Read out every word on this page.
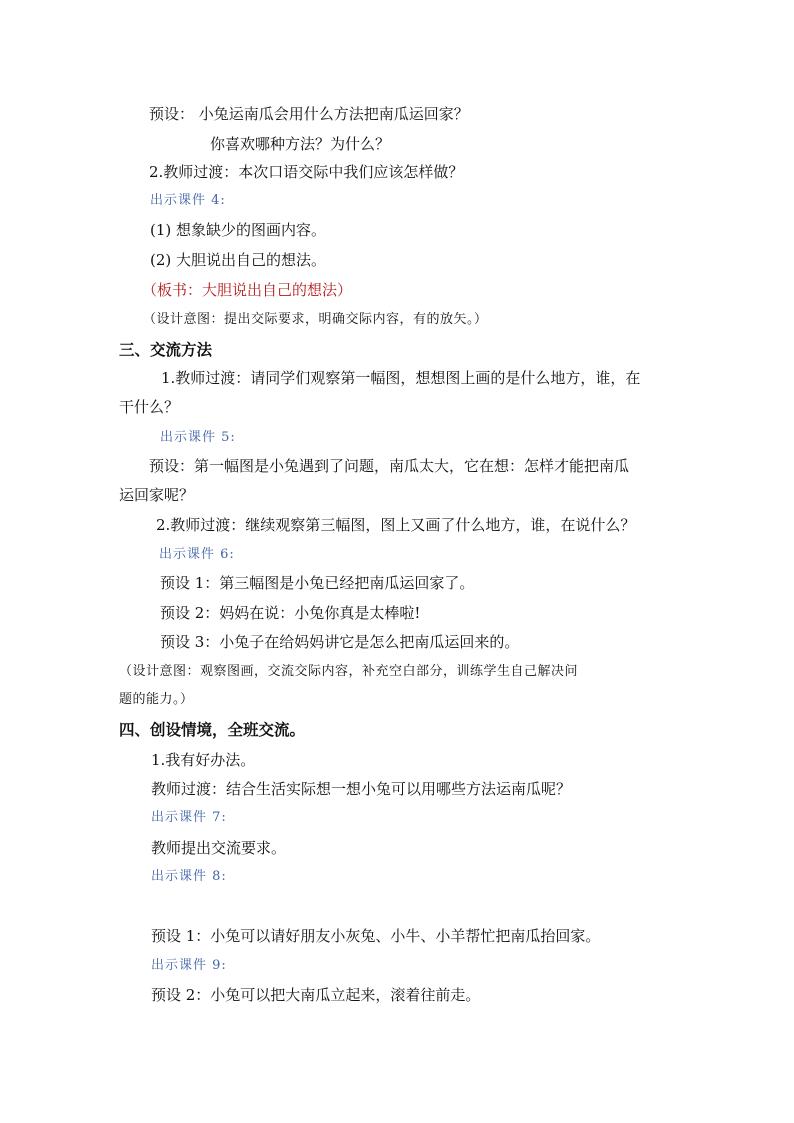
预设： 小兔运南瓜会用什么方法把南瓜运回家？
你喜欢哪种方法？为什么？
2.教师过渡：本次口语交际中我们应该怎样做？
出示课件 4:
(1) 想象缺少的图画内容。
(2) 大胆说出自己的想法。
（板书：大胆说出自己的想法）
（设计意图：提出交际要求，明确交际内容，有的放矢。）
三、交流方法
1.教师过渡：请同学们观察第一幅图，想想图上画的是什么地方，谁，在
干什么？
出示课件 5:
预设：第一幅图是小兔遇到了问题，南瓜太大，它在想：怎样才能把南瓜
运回家呢？
2.教师过渡：继续观察第三幅图，图上又画了什么地方，谁，在说什么？
出示课件 6:
预设 1：第三幅图是小兔已经把南瓜运回家了。
预设 2：妈妈在说：小兔你真是太棒啦!
预设 3：小兔子在给妈妈讲它是怎么把南瓜运回来的。
（设计意图：观察图画，交流交际内容，补充空白部分，训练学生自己解决问
题的能力。）
四、创设情境，全班交流。
1.我有好办法。
教师过渡：结合生活实际想一想小兔可以用哪些方法运南瓜呢？
出示课件 7:
教师提出交流要求。
出示课件 8:
预设 1：小兔可以请好朋友小灰兔、小牛、小羊帮忙把南瓜抬回家。
出示课件 9:
预设 2：小兔可以把大南瓜立起来，滚着往前走。
